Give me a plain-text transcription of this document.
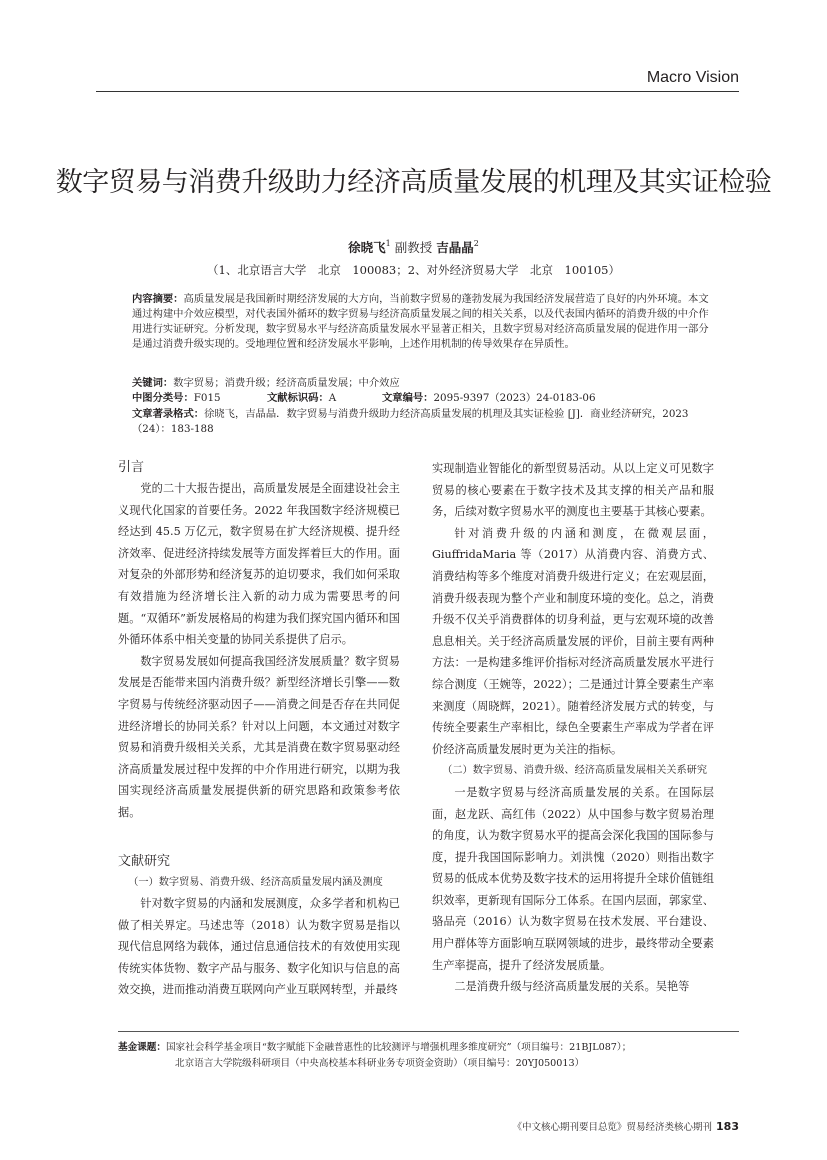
Macro Vision
数字贸易与消费升级助力经济高质量发展的机理及其实证检验
徐晓飞$^1$ 副教授 吉晶晶$^2$
（1、北京语言大学　北京　100083；2、对外经济贸易大学　北京　100105）
内容摘要：高质量发展是我国新时期经济发展的大方向，当前数字贸易的蓬勃发展为我国经济发展营造了良好的内外环境。本文通过构建中介效应模型，对代表国外循环的数字贸易与经济高质量发展之间的相关关系，以及代表国内循环的消费升级的中介作用进行实证研究。分析发现，数字贸易水平与经济高质量发展水平显著正相关，且数字贸易对经济高质量发展的促进作用一部分是通过消费升级实现的。受地理位置和经济发展水平影响，上述作用机制的传导效果存在异质性。
关键词：数字贸易；消费升级；经济高质量发展；中介效应
中图分类号：F015	文献标识码：A	文章编号：2095-9397（2023）24-0183-06
文章著录格式：徐晓飞，吉晶晶．数字贸易与消费升级助力经济高质量发展的机理及其实证检验 [J]．商业经济研究，2023（24）：183-188
引言

党的二十大报告提出，高质量发展是全面建设社会主义现代化国家的首要任务。2022 年我国数字经济规模已经达到 45.5 万亿元，数字贸易在扩大经济规模、提升经济效率、促进经济持续发展等方面发挥着巨大的作用。面对复杂的外部形势和经济复苏的迫切要求，我们如何采取有效措施为经济增长注入新的动力成为需要思考的问题。“双循环”新发展格局的构建为我们探究国内循环和国外循环体系中相关变量的协同关系提供了启示。

数字贸易发展如何提高我国经济发展质量？数字贸易发展是否能带来国内消费升级？新型经济增长引擎——数字贸易与传统经济驱动因子——消费之间是否存在共同促进经济增长的协同关系？针对以上问题，本文通过对数字贸易和消费升级相关关系，尤其是消费在数字贸易驱动经济高质量发展过程中发挥的中介作用进行研究，以期为我国实现经济高质量发展提供新的研究思路和政策参考依据。

文献研究
（一）数字贸易、消费升级、经济高质量发展内涵及测度

针对数字贸易的内涵和发展测度，众多学者和机构已做了相关界定。马述忠等（2018）认为数字贸易是指以现代信息网络为载体，通过信息通信技术的有效使用实现传统实体货物、数字产品与服务、数字化知识与信息的高效交换，进而推动消费互联网向产业互联网转型，并最终

实现制造业智能化的新型贸易活动。从以上定义可见数字贸易的核心要素在于数字技术及其支撑的相关产品和服务，后续对数字贸易水平的测度也主要基于其核心要素。

针对消费升级的内涵和测度，在微观层面，GiuffridaMaria 等（2017）从消费内容、消费方式、消费结构等多个维度对消费升级进行定义；在宏观层面，消费升级表现为整个产业和制度环境的变化。总之，消费升级不仅关乎消费群体的切身利益，更与宏观环境的改善息息相关。关于经济高质量发展的评价，目前主要有两种方法：一是构建多维评价指标对经济高质量发展水平进行综合测度（王婉等，2022）；二是通过计算全要素生产率来测度（周晓辉，2021）。随着经济发展方式的转变，与传统全要素生产率相比，绿色全要素生产率成为学者在评价经济高质量发展时更为关注的指标。

（二）数字贸易、消费升级、经济高质量发展相关关系研究

一是数字贸易与经济高质量发展的关系。在国际层面，赵龙跃、高红伟（2022）从中国参与数字贸易治理的角度，认为数字贸易水平的提高会深化我国的国际参与度，提升我国国际影响力。刘洪愧（2020）则指出数字贸易的低成本优势及数字技术的运用将提升全球价值链组织效率，更新现有国际分工体系。在国内层面，郭家堂、骆品亮（2016）认为数字贸易在技术发展、平台建设、用户群体等方面影响互联网领域的进步，最终带动全要素生产率提高，提升了经济发展质量。

二是消费升级与经济高质量发展的关系。吴艳等

基金课题：国家社会科学基金项目“数字赋能下金融普惠性的比较测评与增强机理多维度研究”（项目编号：21BJL087）；
北京语言大学院级科研项目（中央高校基本科研业务专项资金资助）（项目编号：20YJ050013）
《中文核心期刊要目总览》贸易经济类核心期刊 183
